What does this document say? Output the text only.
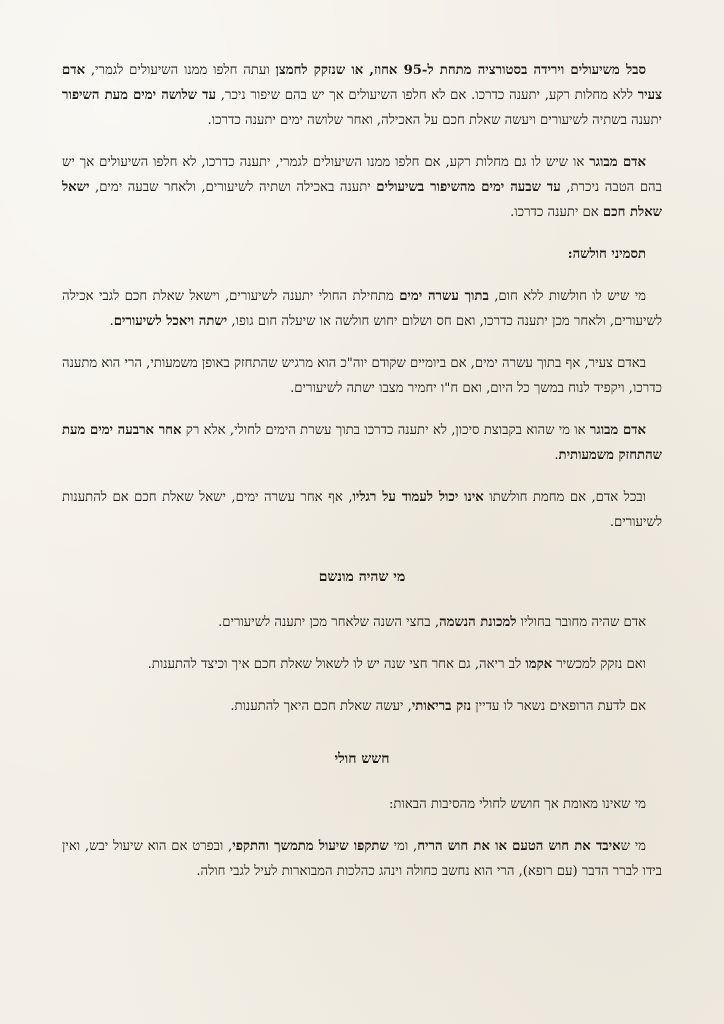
סבל משיעולים וירידה בסטורציה מתחת ל-95 אחוז, או שנזקק לחמצן ועתה חלפו ממנו השיעולים לגמרי, אדם צעיר ללא מחלות רקע, יתענה כדרכו. אם לא חלפו השיעולים אך יש בהם שיפור ניכר, עד שלושה ימים מעת השיפור יתענה בשתיה לשיעורים ויעשה שאלת חכם על האכילה, ואחר שלושה ימים יתענה כדרכו.

אדם מבוגר או שיש לו גם מחלות רקע, אם חלפו ממנו השיעולים לגמרי, יתענה כדרכו, לא חלפו השיעולים אך יש בהם הטבה ניכרת, עד שבעה ימים מהשיפור בשיעולים יתענה באכילה ושתיה לשיעורים, ולאחר שבעה ימים, ישאל שאלת חכם אם יתענה כדרכו.

תסמיני חולשה:

מי שיש לו חולשות ללא חום, בתוך עשרה ימים מתחילת החולי יתענה לשיעורים, וישאל שאלת חכם לגבי אכילה לשיעורים, ולאחר מכן יתענה כדרכו, ואם חס ושלום יחוש חולשה או שיעלה חום גופו, ישתה ויאכל לשיעורים.

באדם צעיר, אף בתוך עשרה ימים, אם ביומיים שקודם יוה"כ הוא מרגיש שהתחזק באופן משמעותי, הרי הוא מתענה כדרכו, ויקפיד לנוח במשך כל היום, ואם ח"ו יחמיר מצבו ישתה לשיעורים.

אדם מבוגר או מי שהוא בקבוצת סיכון, לא יתענה כדרכו בתוך עשרת הימים לחולי, אלא רק אחר ארבעה ימים מעת שהתחזק משמעותית.

ובכל אדם, אם מחמת חולשתו אינו יכול לעמוד על רגליו, אף אחר עשרה ימים, ישאל שאלת חכם אם להתענות לשיעורים.

מי שהיה מונשם

אדם שהיה מחובר בחוליו למכונת הנשמה, בחצי השנה שלאחר מכן יתענה לשיעורים.

ואם נזקק למכשיר אקמו לב ריאה, גם אחר חצי שנה יש לו לשאול שאלת חכם איך וכיצד להתענות.

אם לדעת הרופאים נשאר לו עדיין נזק בריאותי, יעשה שאלת חכם היאך להתענות.

חשש חולי

מי שאינו מאומת אך חושש לחולי מהסיבות הבאות:

מי שאיבד את חוש הטעם או את חוש הריח, ומי שתקפו שיעול מתמשך והתקפי, ובפרט אם הוא שיעול יבש, ואין בידו לברר הדבר (עם רופא), הרי הוא נחשב כחולה וינהג כהלכות המבוארות לעיל לגבי חולה.
